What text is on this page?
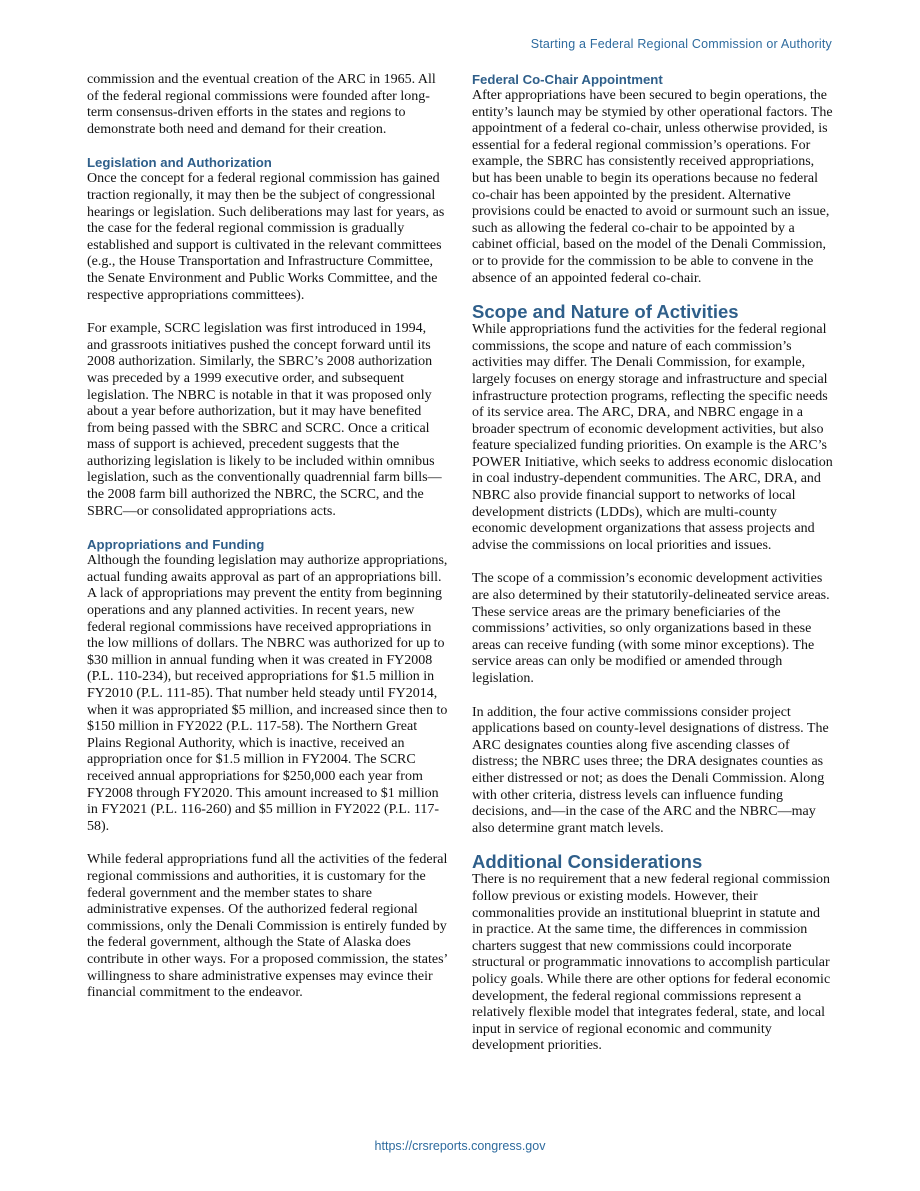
Starting a Federal Regional Commission or Authority

commission and the eventual creation of the ARC in 1965. All of the federal regional commissions were founded after long-term consensus-driven efforts in the states and regions to demonstrate both need and demand for their creation.

Legislation and Authorization

Once the concept for a federal regional commission has gained traction regionally, it may then be the subject of congressional hearings or legislation. Such deliberations may last for years, as the case for the federal regional commission is gradually established and support is cultivated in the relevant committees (e.g., the House Transportation and Infrastructure Committee, the Senate Environment and Public Works Committee, and the respective appropriations committees).

For example, SCRC legislation was first introduced in 1994, and grassroots initiatives pushed the concept forward until its 2008 authorization. Similarly, the SBRC’s 2008 authorization was preceded by a 1999 executive order, and subsequent legislation. The NBRC is notable in that it was proposed only about a year before authorization, but it may have benefited from being passed with the SBRC and SCRC. Once a critical mass of support is achieved, precedent suggests that the authorizing legislation is likely to be included within omnibus legislation, such as the conventionally quadrennial farm bills—the 2008 farm bill authorized the NBRC, the SCRC, and the SBRC—or consolidated appropriations acts.

Appropriations and Funding

Although the founding legislation may authorize appropriations, actual funding awaits approval as part of an appropriations bill. A lack of appropriations may prevent the entity from beginning operations and any planned activities. In recent years, new federal regional commissions have received appropriations in the low millions of dollars. The NBRC was authorized for up to $30 million in annual funding when it was created in FY2008 (P.L. 110-234), but received appropriations for $1.5 million in FY2010 (P.L. 111-85). That number held steady until FY2014, when it was appropriated $5 million, and increased since then to $150 million in FY2022 (P.L. 117-58). The Northern Great Plains Regional Authority, which is inactive, received an appropriation once for $1.5 million in FY2004. The SCRC received annual appropriations for $250,000 each year from FY2008 through FY2020. This amount increased to $1 million in FY2021 (P.L. 116-260) and $5 million in FY2022 (P.L. 117-58).

While federal appropriations fund all the activities of the federal regional commissions and authorities, it is customary for the federal government and the member states to share administrative expenses. Of the authorized federal regional commissions, only the Denali Commission is entirely funded by the federal government, although the State of Alaska does contribute in other ways. For a proposed commission, the states’ willingness to share administrative expenses may evince their financial commitment to the endeavor.

Federal Co-Chair Appointment

After appropriations have been secured to begin operations, the entity’s launch may be stymied by other operational factors. The appointment of a federal co-chair, unless otherwise provided, is essential for a federal regional commission’s operations. For example, the SBRC has consistently received appropriations, but has been unable to begin its operations because no federal co-chair has been appointed by the president. Alternative provisions could be enacted to avoid or surmount such an issue, such as allowing the federal co-chair to be appointed by a cabinet official, based on the model of the Denali Commission, or to provide for the commission to be able to convene in the absence of an appointed federal co-chair.

Scope and Nature of Activities

While appropriations fund the activities for the federal regional commissions, the scope and nature of each commission’s activities may differ. The Denali Commission, for example, largely focuses on energy storage and infrastructure and special infrastructure protection programs, reflecting the specific needs of its service area. The ARC, DRA, and NBRC engage in a broader spectrum of economic development activities, but also feature specialized funding priorities. On example is the ARC’s POWER Initiative, which seeks to address economic dislocation in coal industry-dependent communities. The ARC, DRA, and NBRC also provide financial support to networks of local development districts (LDDs), which are multi-county economic development organizations that assess projects and advise the commissions on local priorities and issues.

The scope of a commission’s economic development activities are also determined by their statutorily-delineated service areas. These service areas are the primary beneficiaries of the commissions’ activities, so only organizations based in these areas can receive funding (with some minor exceptions). The service areas can only be modified or amended through legislation.

In addition, the four active commissions consider project applications based on county-level designations of distress. The ARC designates counties along five ascending classes of distress; the NBRC uses three; the DRA designates counties as either distressed or not; as does the Denali Commission. Along with other criteria, distress levels can influence funding decisions, and—in the case of the ARC and the NBRC—may also determine grant match levels.

Additional Considerations

There is no requirement that a new federal regional commission follow previous or existing models. However, their commonalities provide an institutional blueprint in statute and in practice. At the same time, the differences in commission charters suggest that new commissions could incorporate structural or programmatic innovations to accomplish particular policy goals. While there are other options for federal economic development, the federal regional commissions represent a relatively flexible model that integrates federal, state, and local input in service of regional economic and community development priorities.

https://crsreports.congress.gov
